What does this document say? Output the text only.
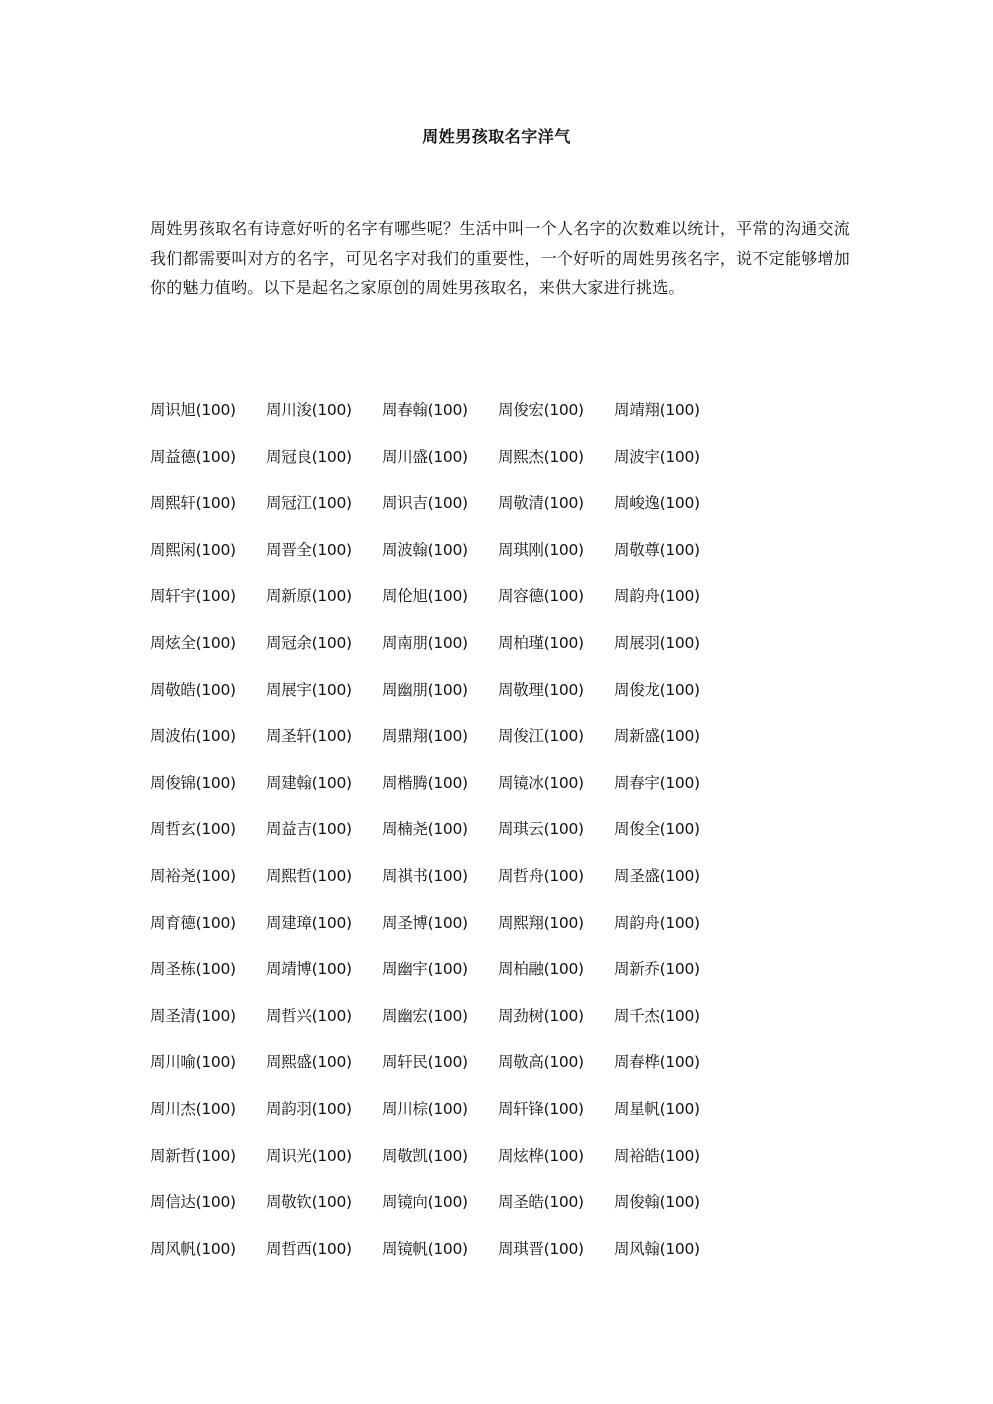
周姓男孩取名字洋气

周姓男孩取名有诗意好听的名字有哪些呢？生活中叫一个人名字的次数难以统计，平常的沟通交流我们都需要叫对方的名字，可见名字对我们的重要性，一个好听的周姓男孩名字，说不定能够增加你的魅力值哟。以下是起名之家原创的周姓男孩取名，来供大家进行挑选。

周识旭(100)	周川浚(100)	周春翰(100)	周俊宏(100)	周靖翔(100)
周益德(100)	周冠良(100)	周川盛(100)	周熙杰(100)	周波宇(100)
周熙轩(100)	周冠江(100)	周识吉(100)	周敬清(100)	周峻逸(100)
周熙闲(100)	周晋全(100)	周波翰(100)	周琪刚(100)	周敬尊(100)
周轩宇(100)	周新原(100)	周伦旭(100)	周容德(100)	周韵舟(100)
周炫全(100)	周冠余(100)	周南朋(100)	周柏瑾(100)	周展羽(100)
周敬皓(100)	周展宇(100)	周幽朋(100)	周敬理(100)	周俊龙(100)
周波佑(100)	周圣轩(100)	周鼎翔(100)	周俊江(100)	周新盛(100)
周俊锦(100)	周建翰(100)	周楷腾(100)	周镜冰(100)	周春宇(100)
周哲玄(100)	周益吉(100)	周楠尧(100)	周琪云(100)	周俊全(100)
周裕尧(100)	周熙哲(100)	周祺书(100)	周哲舟(100)	周圣盛(100)
周育德(100)	周建璋(100)	周圣博(100)	周熙翔(100)	周韵舟(100)
周圣栋(100)	周靖博(100)	周幽宇(100)	周柏融(100)	周新乔(100)
周圣清(100)	周哲兴(100)	周幽宏(100)	周劲树(100)	周千杰(100)
周川喻(100)	周熙盛(100)	周轩民(100)	周敬高(100)	周春桦(100)
周川杰(100)	周韵羽(100)	周川棕(100)	周轩锋(100)	周星帆(100)
周新哲(100)	周识光(100)	周敬凯(100)	周炫桦(100)	周裕皓(100)
周信达(100)	周敬钦(100)	周镜向(100)	周圣皓(100)	周俊翰(100)
周风帆(100)	周哲西(100)	周镜帆(100)	周琪晋(100)	周风翰(100)
